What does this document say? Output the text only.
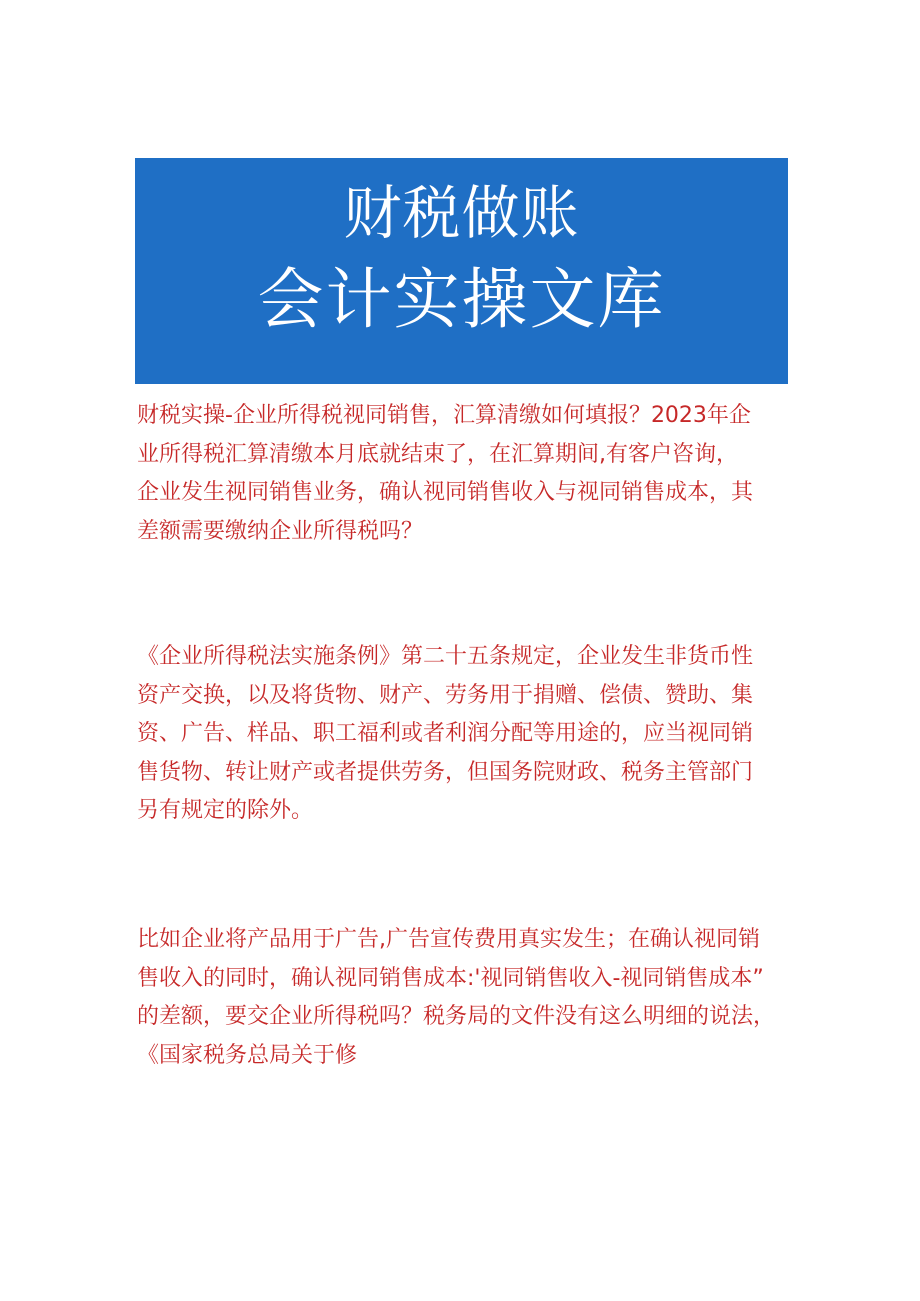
财税做账
会计实操文库

财税实操-企业所得税视同销售，汇算清缴如何填报？2023年企
业所得税汇算清缴本月底就结束了，在汇算期间,有客户咨询，
企业发生视同销售业务，确认视同销售收入与视同销售成本，其
差额需要缴纳企业所得税吗？

《企业所得税法实施条例》第二十五条规定，企业发生非货币性
资产交换，以及将货物、财产、劳务用于捐赠、偿债、赞助、集
资、广告、样品、职工福利或者利润分配等用途的，应当视同销
售货物、转让财产或者提供劳务，但国务院财政、税务主管部门
另有规定的除外。

比如企业将产品用于广告,广告宣传费用真实发生；在确认视同销
售收入的同时，确认视同销售成本:'视同销售收入-视同销售成本”
的差额，要交企业所得税吗？税务局的文件没有这么明细的说法，
《国家税务总局关于修
